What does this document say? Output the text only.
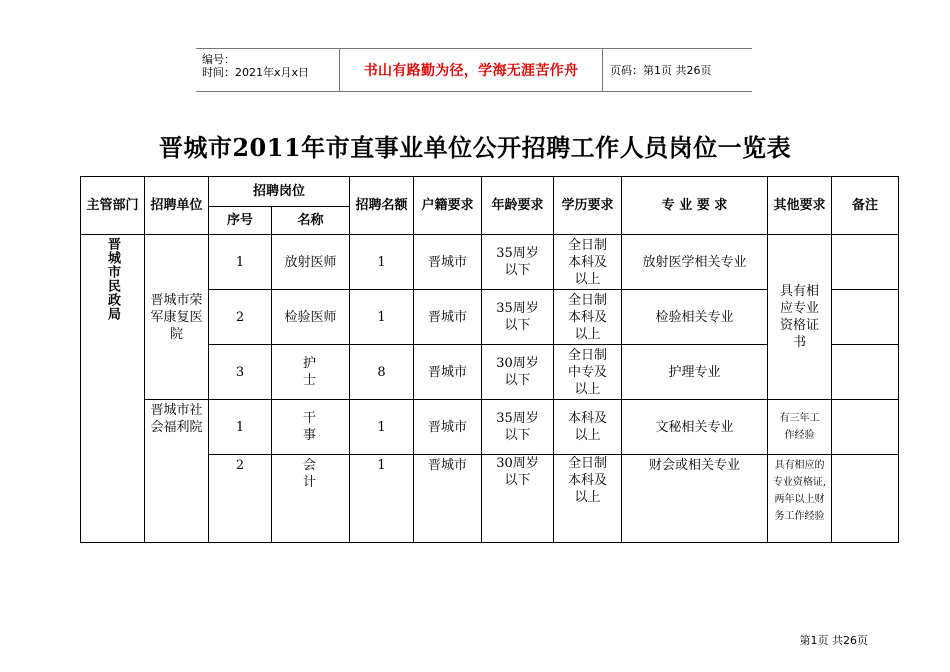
编号：
时间：2021年x月x日	书山有路勤为径，学海无涯苦作舟	页码：第1页 共26页
晋城市2011年市直事业单位公开招聘工作人员岗位一览表
主管部门	招聘单位	招聘岗位		招聘名额	户籍要求	年龄要求	学历要求	专 业 要 求	其他要求	备注
		序号	名称							
晋城市民政局	晋城市荣军康复医院	1	放射医师	1	晋城市	35周岁以下	全日制本科及以上	放射医学相关专业	具有相应专业资格证书	
		2	检验医师	1	晋城市	35周岁以下	全日制本科及以上	检验相关专业		
		3	护士	8	晋城市	30周岁以下	全日制中专及以上	护理专业		
	晋城市社会福利院	1	干事	1	晋城市	35周岁以下	本科及以上	文秘相关专业	有三年工作经验	
		2	会计	1	晋城市	30周岁以下	全日制本科及以上	财会或相关专业	具有相应的专业资格证,两年以上财务工作经验	
第1页 共26页
